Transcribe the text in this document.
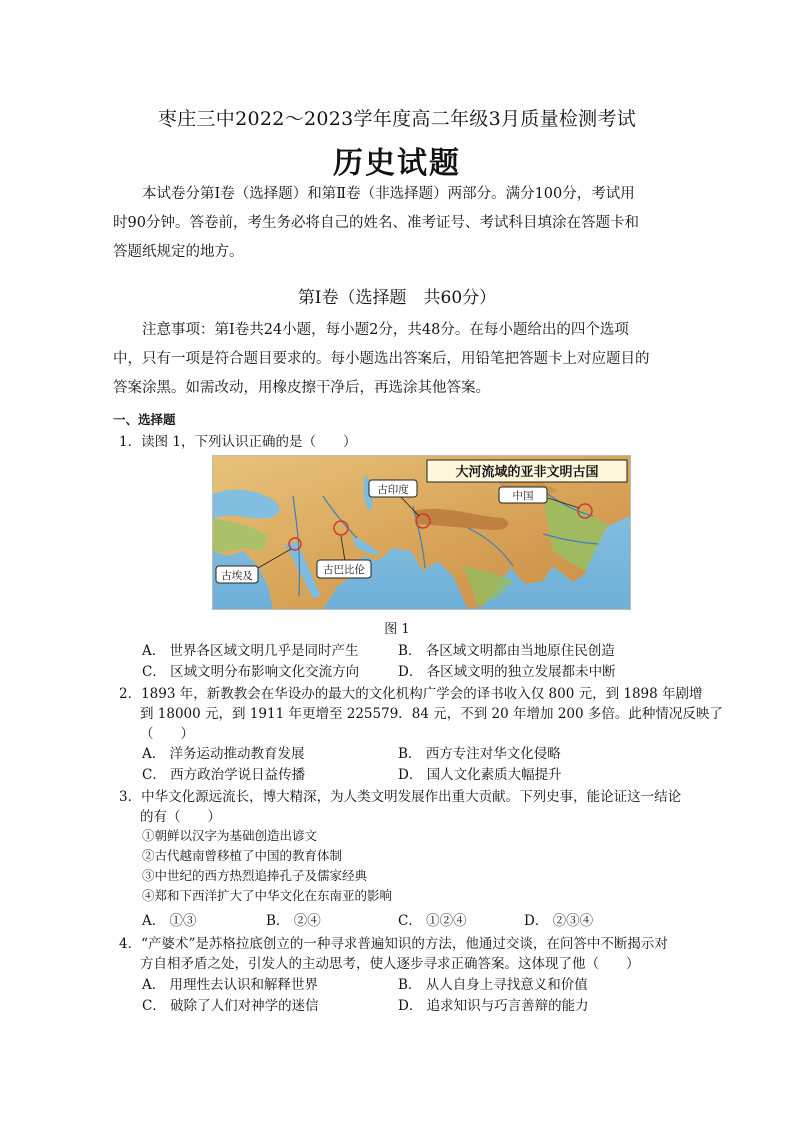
枣庄三中2022～2023学年度高二年级3月质量检测考试
历史试题
本试卷分第Ⅰ卷（选择题）和第Ⅱ卷（非选择题）两部分。满分100分，考试用
时90分钟。答卷前，考生务必将自己的姓名、准考证号、考试科目填涂在答题卡和
答题纸规定的地方。
第Ⅰ卷（选择题　共60分）
注意事项：第Ⅰ卷共24小题，每小题2分，共48分。在每小题给出的四个选项
中，只有一项是符合题目要求的。每小题选出答案后，用铅笔把答题卡上对应题目的
答案涂黑。如需改动，用橡皮擦干净后，再选涂其他答案。
一、选择题
1．读图 1，下列认识正确的是（　　）
大河流域的亚非文明古国
古埃及	古巴比伦
古印度	中国
图 1
A． 世界各区域文明几乎是同时产生	B． 各区域文明都由当地原住民创造
C． 区域文明分布影响文化交流方向	D． 各区域文明的独立发展都未中断
2．1893 年，新教教会在华设办的最大的文化机构广学会的译书收入仅 800 元，到 1898 年剧增
到 18000 元，到 1911 年更增至 225579．84 元，不到 20 年增加 200 多倍。此种情况反映了
（　　）
A． 洋务运动推动教育发展	B． 西方专注对华文化侵略
C． 西方政治学说日益传播	D． 国人文化素质大幅提升
3．中华文化源远流长，博大精深，为人类文明发展作出重大贡献。下列史事，能论证这一结论
的有（　　）
①朝鲜以汉字为基础创造出谚文
②古代越南曾移植了中国的教育体制
③中世纪的西方热烈追捧孔子及儒家经典
④郑和下西洋扩大了中华文化在东南亚的影响
A． ①③	B． ②④	C． ①②④	D． ②③④
4．“产婆术”是苏格拉底创立的一种寻求普遍知识的方法，他通过交谈，在问答中不断揭示对
方自相矛盾之处，引发人的主动思考，使人逐步寻求正确答案。这体现了他（　　）
A． 用理性去认识和解释世界	B． 从人自身上寻找意义和价值
C． 破除了人们对神学的迷信	D． 追求知识与巧言善辩的能力
